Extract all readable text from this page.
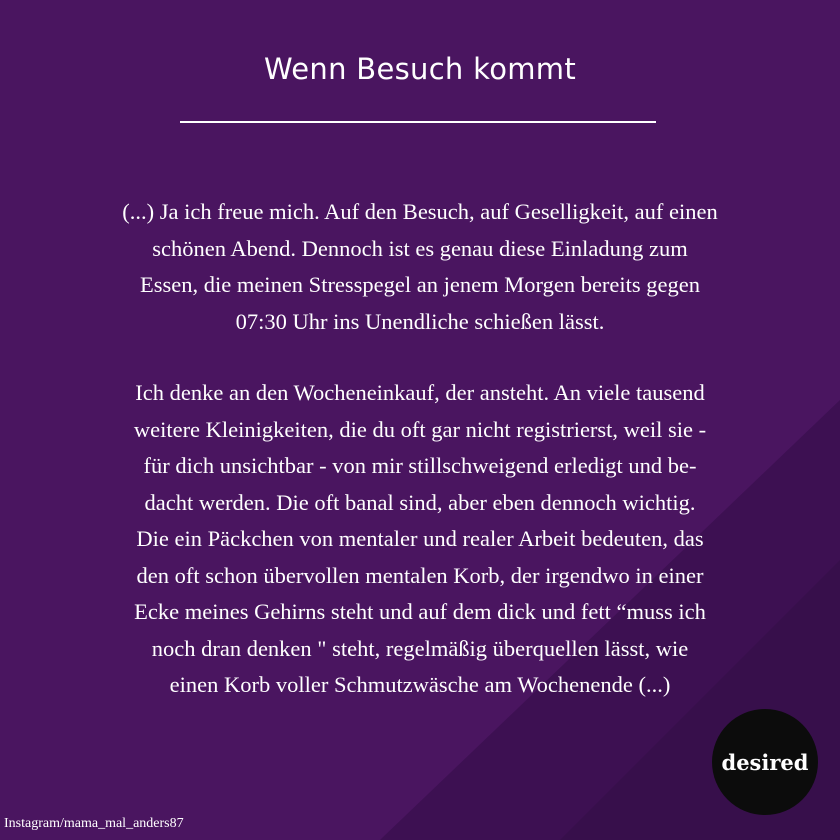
Wenn Besuch kommt
(...) Ja ich freue mich. Auf den Besuch, auf Geselligkeit, auf einen
schönen Abend. Dennoch ist es genau diese Einladung zum
Essen, die meinen Stresspegel an jenem Morgen bereits gegen
07:30 Uhr ins Unendliche schießen lässt.
Ich denke an den Wocheneinkauf, der ansteht. An viele tausend
weitere Kleinigkeiten, die du oft gar nicht registrierst, weil sie -
für dich unsichtbar - von mir stillschweigend erledigt und be-
dacht werden. Die oft banal sind, aber eben dennoch wichtig.
Die ein Päckchen von mentaler und realer Arbeit bedeuten, das
den oft schon übervollen mentalen Korb, der irgendwo in einer
Ecke meines Gehirns steht und auf dem dick und fett “muss ich
noch dran denken " steht, regelmäßig überquellen lässt, wie
einen Korb voller Schmutzwäsche am Wochenende (...)
Instagram/mama_mal_anders87
desired
